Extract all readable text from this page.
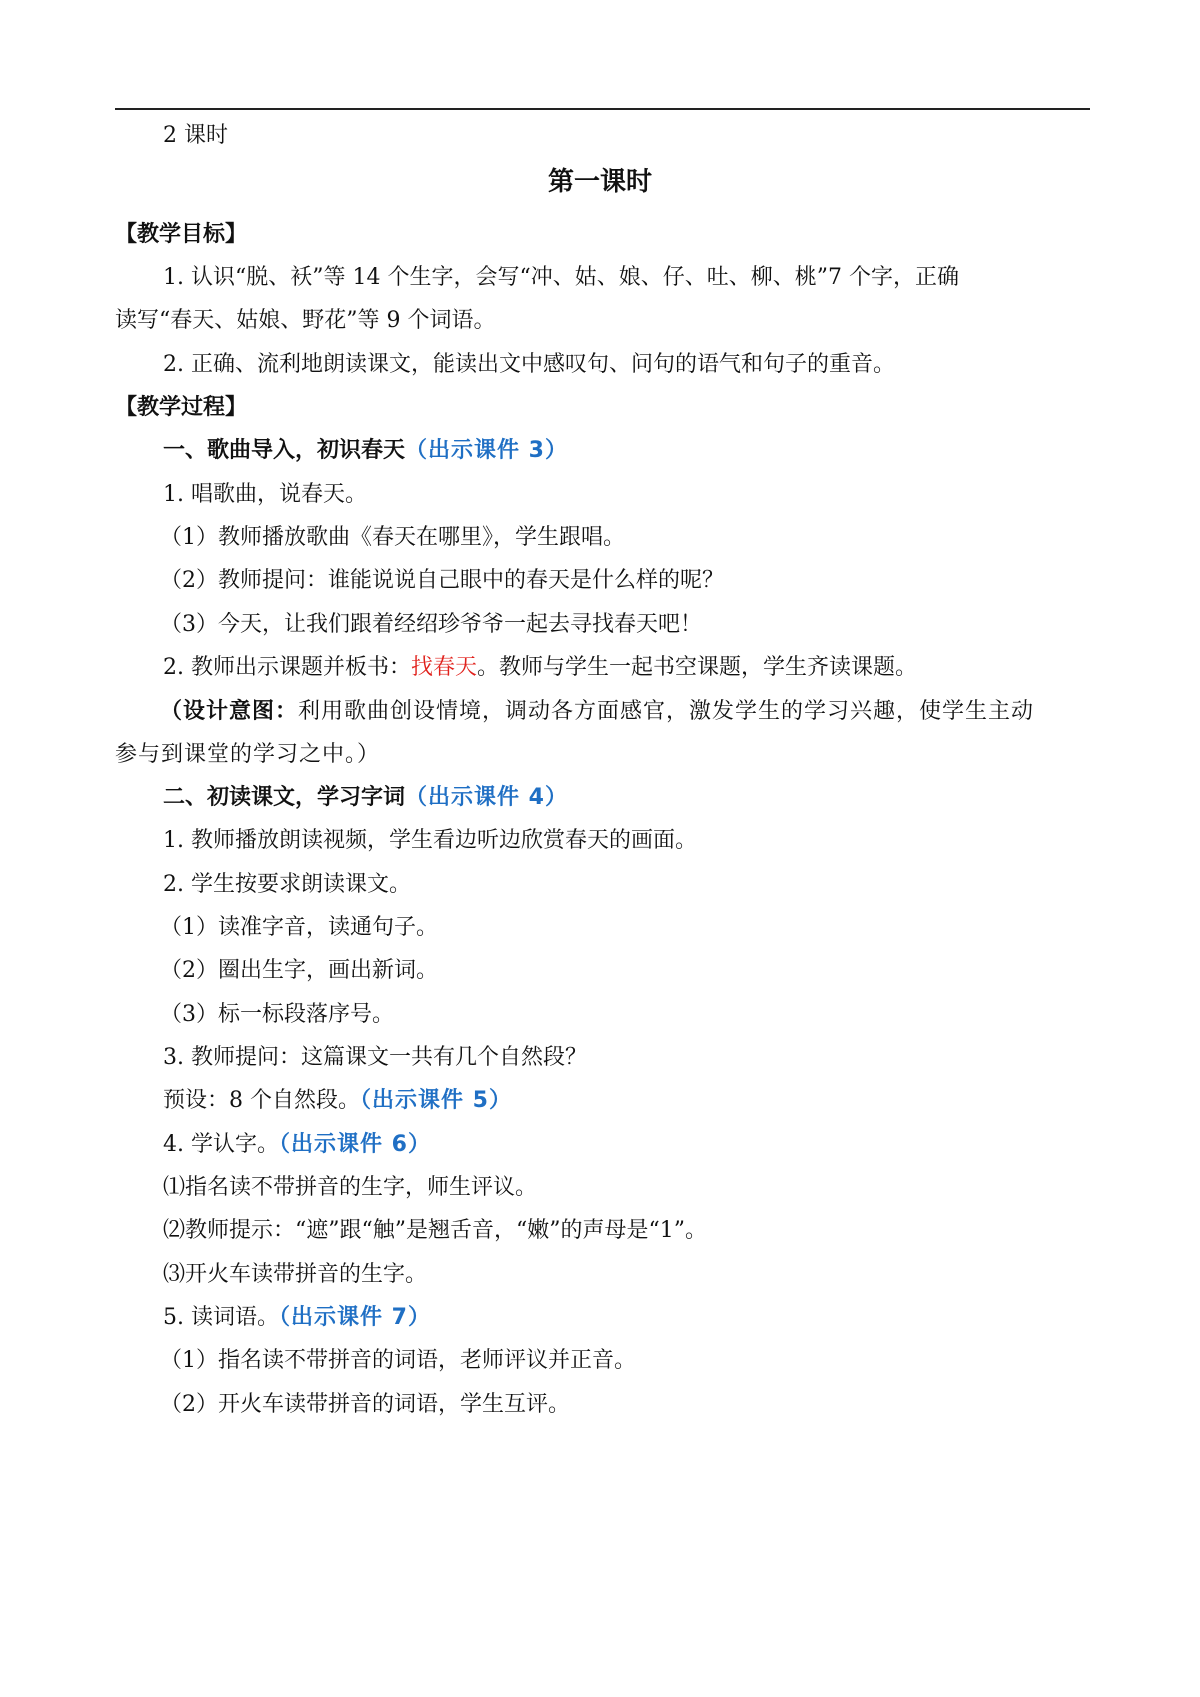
2 课时
第一课时
【教学目标】
1. 认识“脱、袄”等 14 个生字，会写“冲、姑、娘、仔、吐、柳、桃”7 个字，正确
读写“春天、姑娘、野花”等 9 个词语。
2. 正确、流利地朗读课文，能读出文中感叹句、问句的语气和句子的重音。
【教学过程】
一、歌曲导入，初识春天（出示课件 3）
1. 唱歌曲，说春天。
（1）教师播放歌曲《春天在哪里》，学生跟唱。
（2）教师提问：谁能说说自己眼中的春天是什么样的呢？
（3）今天，让我们跟着经绍珍爷爷一起去寻找春天吧！
2. 教师出示课题并板书：找春天。教师与学生一起书空课题，学生齐读课题。
（设计意图：利用歌曲创设情境，调动各方面感官，激发学生的学习兴趣，使学生主动
参与到课堂的学习之中。）
二、初读课文，学习字词（出示课件 4）
1. 教师播放朗读视频，学生看边听边欣赏春天的画面。
2. 学生按要求朗读课文。
（1）读准字音，读通句子。
（2）圈出生字，画出新词。
（3）标一标段落序号。
3. 教师提问：这篇课文一共有几个自然段？
预设：8 个自然段。（出示课件 5）
4. 学认字。（出示课件 6）
⑴指名读不带拼音的生字，师生评议。
⑵教师提示：“遮”跟“触”是翘舌音，“嫩”的声母是“1”。
⑶开火车读带拼音的生字。
5. 读词语。（出示课件 7）
（1）指名读不带拼音的词语，老师评议并正音。
（2）开火车读带拼音的词语，学生互评。
